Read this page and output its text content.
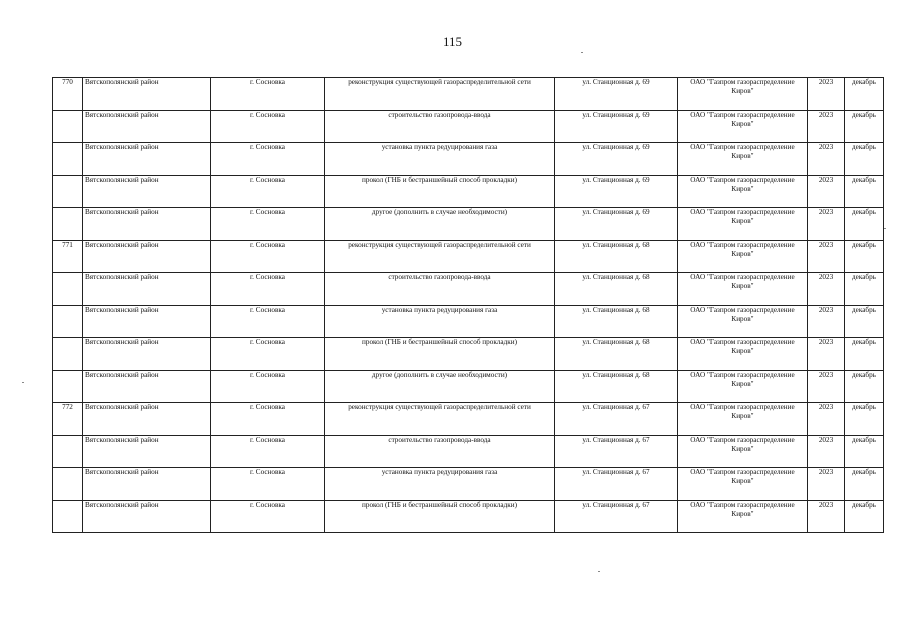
115
770	Вятскополянский район	г. Сосновка	реконструкция существующей газораспределительной сети	ул. Станционная д. 69	ОАО "Газпром газораспределение Киров"	2023	декабрь
	Вятскополянский район	г. Сосновка	строительство газопровода-ввода	ул. Станционная д. 69	ОАО "Газпром газораспределение Киров"	2023	декабрь
	Вятскополянский район	г. Сосновка	установка пункта редуцирования газа	ул. Станционная д. 69	ОАО "Газпром газораспределение Киров"	2023	декабрь
	Вятскополянский район	г. Сосновка	прокол (ГНБ и бестраншейный способ прокладки)	ул. Станционная д. 69	ОАО "Газпром газораспределение Киров"	2023	декабрь
	Вятскополянский район	г. Сосновка	другое (дополнить в случае необходимости)	ул. Станционная д. 69	ОАО "Газпром газораспределение Киров"	2023	декабрь
771	Вятскополянский район	г. Сосновка	реконструкция существующей газораспределительной сети	ул. Станционная д. 68	ОАО "Газпром газораспределение Киров"	2023	декабрь
	Вятскополянский район	г. Сосновка	строительство газопровода-ввода	ул. Станционная д. 68	ОАО "Газпром газораспределение Киров"	2023	декабрь
	Вятскополянский район	г. Сосновка	установка пункта редуцирования газа	ул. Станционная д. 68	ОАО "Газпром газораспределение Киров"	2023	декабрь
	Вятскополянский район	г. Сосновка	прокол (ГНБ и бестраншейный способ прокладки)	ул. Станционная д. 68	ОАО "Газпром газораспределение Киров"	2023	декабрь
	Вятскополянский район	г. Сосновка	другое (дополнить в случае необходимости)	ул. Станционная д. 68	ОАО "Газпром газораспределение Киров"	2023	декабрь
772	Вятскополянский район	г. Сосновка	реконструкция существующей газораспределительной сети	ул. Станционная д. 67	ОАО "Газпром газораспределение Киров"	2023	декабрь
	Вятскополянский район	г. Сосновка	строительство газопровода-ввода	ул. Станционная д. 67	ОАО "Газпром газораспределение Киров"	2023	декабрь
	Вятскополянский район	г. Сосновка	установка пункта редуцирования газа	ул. Станционная д. 67	ОАО "Газпром газораспределение Киров"	2023	декабрь
	Вятскополянский район	г. Сосновка	прокол (ГНБ и бестраншейный способ прокладки)	ул. Станционная д. 67	ОАО "Газпром газораспределение Киров"	2023	декабрь
